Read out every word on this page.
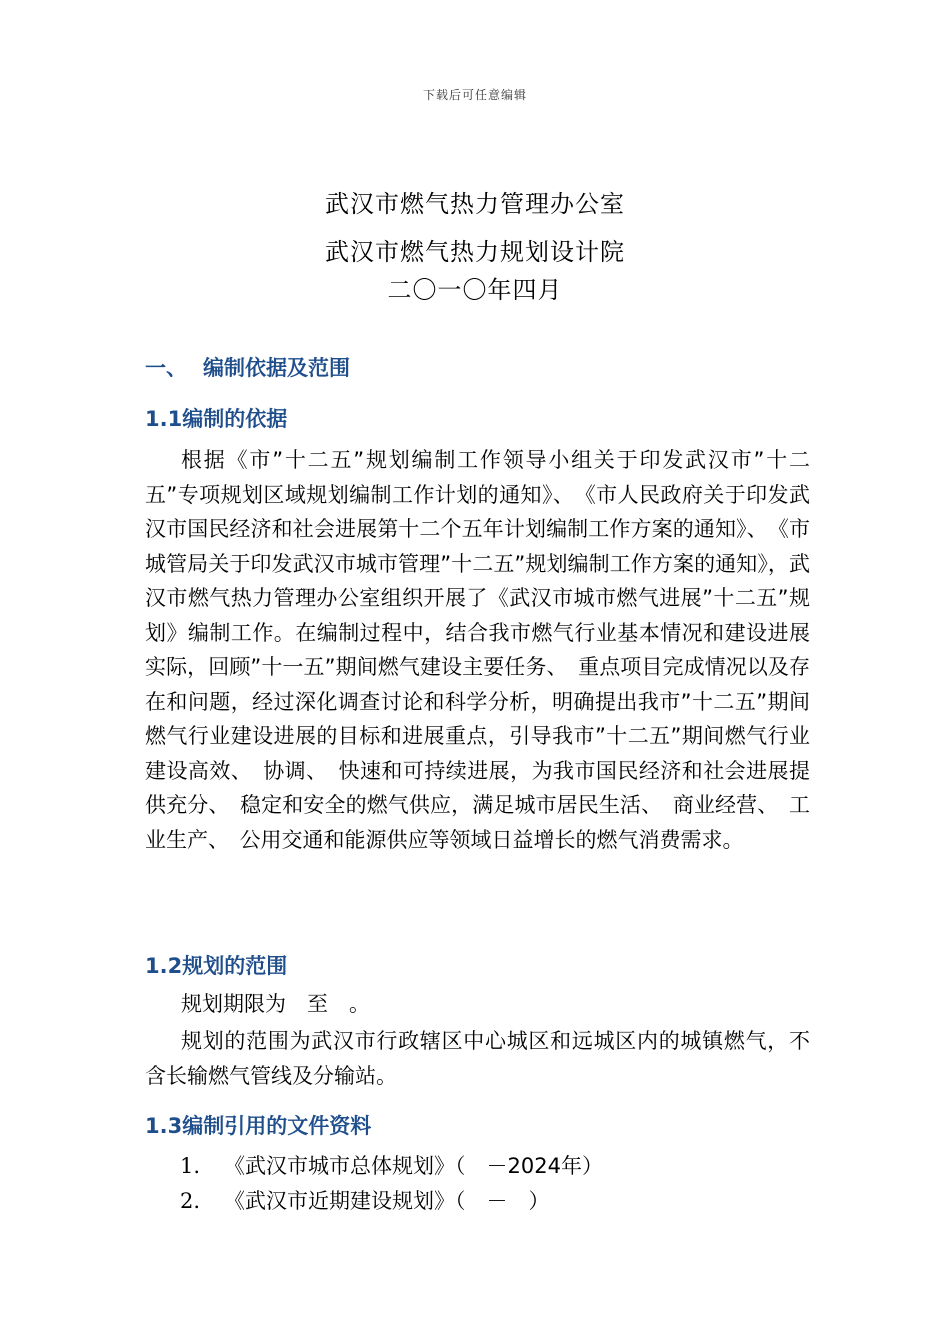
下载后可任意编辑
武汉市燃气热力管理办公室
武汉市燃气热力规划设计院
二〇一〇年四月
一、 编制依据及范围
1.1编制的依据
根据《市”十二五”规划编制工作领导小组关于印发武汉市”十二五”专项规划区域规划编制工作计划的通知》、　《市人民政府关于印发武汉市国民经济和社会进展第十二个五年计划编制工作方案的通知》、　《市城管局关于印发武汉市城市管理”十二五”规划编制工作方案的通知》，武汉市燃气热力管理办公室组织开展了《武汉市城市燃气进展”十二五”规划》编制工作。在编制过程中，结合我市燃气行业基本情况和建设进展实际，回顾”十一五”期间燃气建设主要任务、　重点项目完成情况以及存在和问题，经过深化调查讨论和科学分析，明确提出我市”十二五”期间燃气行业建设进展的目标和进展重点，引导我市”十二五”期间燃气行业建设高效、　协调、　快速和可持续进展，为我市国民经济和社会进展提供充分、　稳定和安全的燃气供应，满足城市居民生活、　商业经营、　工业生产、　公用交通和能源供应等领域日益增长的燃气消费需求。
1.2规划的范围
规划期限为　至　。
规划的范围为武汉市行政辖区中心城区和远城区内的城镇燃气，不含长输燃气管线及分输站。
1.3编制引用的文件资料
1. 《武汉市城市总体规划》（　－2024年）
2. 《武汉市近期建设规划》（　－　）
